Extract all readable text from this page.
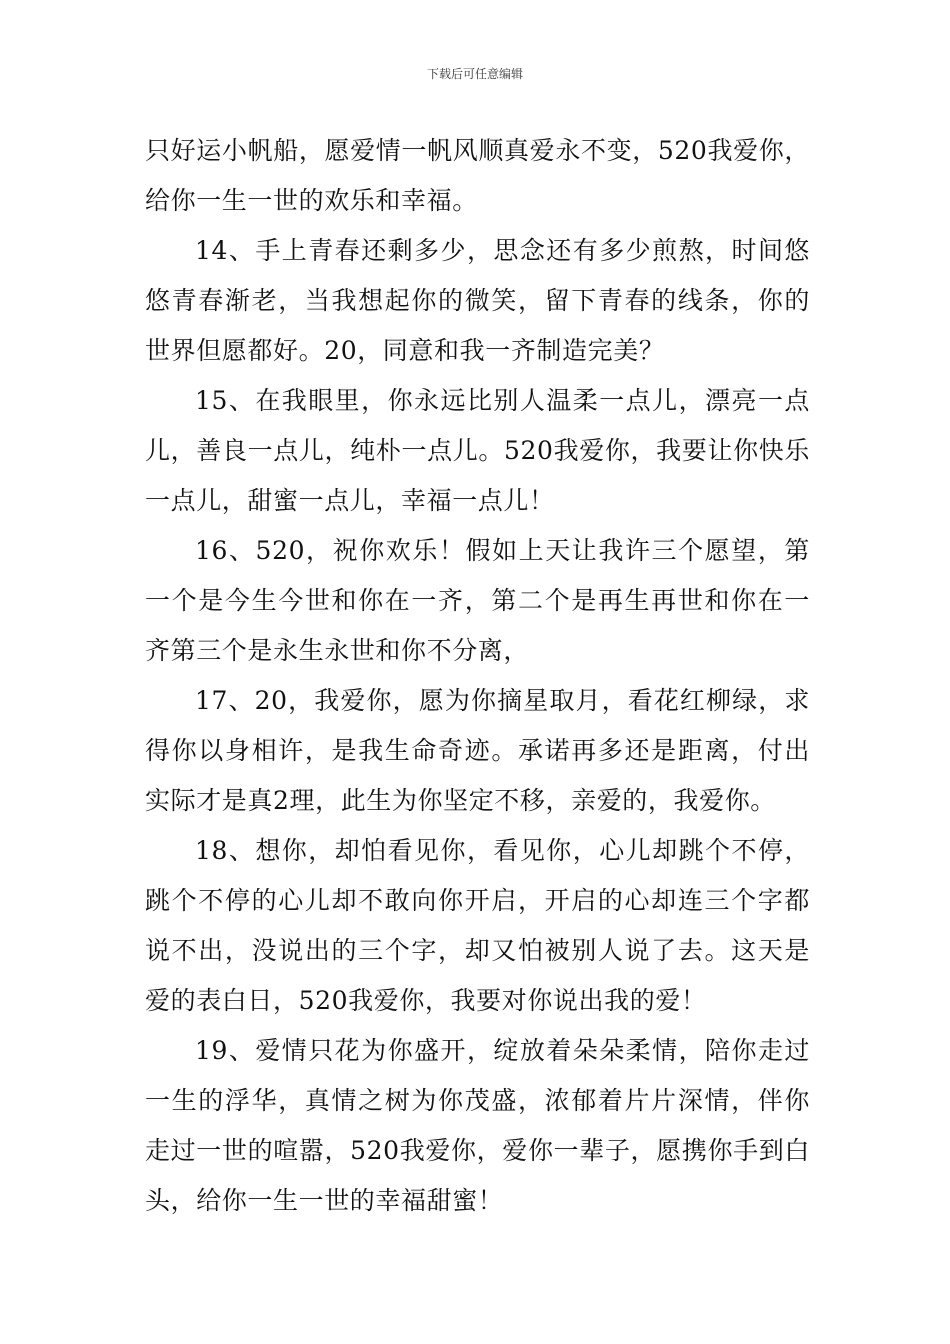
下载后可任意编辑

只好运小帆船，愿爱情一帆风顺真爱永不变，520我爱你，给你一生一世的欢乐和幸福。

14、手上青春还剩多少，思念还有多少煎熬，时间悠悠青春渐老，当我想起你的微笑，留下青春的线条，你的世界但愿都好。20，同意和我一齐制造完美？

15、在我眼里，你永远比别人温柔一点儿，漂亮一点儿，善良一点儿，纯朴一点儿。520我爱你，我要让你快乐一点儿，甜蜜一点儿，幸福一点儿！

16、520，祝你欢乐！假如上天让我许三个愿望，第一个是今生今世和你在一齐，第二个是再生再世和你在一齐第三个是永生永世和你不分离，

17、20，我爱你，愿为你摘星取月，看花红柳绿，求得你以身相许，是我生命奇迹。承诺再多还是距离，付出实际才是真2理，此生为你坚定不移，亲爱的，我爱你。

18、想你，却怕看见你，看见你，心儿却跳个不停，跳个不停的心儿却不敢向你开启，开启的心却连三个字都说不出，没说出的三个字，却又怕被别人说了去。这天是爱的表白日，520我爱你，我要对你说出我的爱！

19、爱情只花为你盛开，绽放着朵朵柔情，陪你走过一生的浮华，真情之树为你茂盛，浓郁着片片深情，伴你走过一世的喧嚣，520我爱你，爱你一辈子，愿携你手到白头，给你一生一世的幸福甜蜜！
